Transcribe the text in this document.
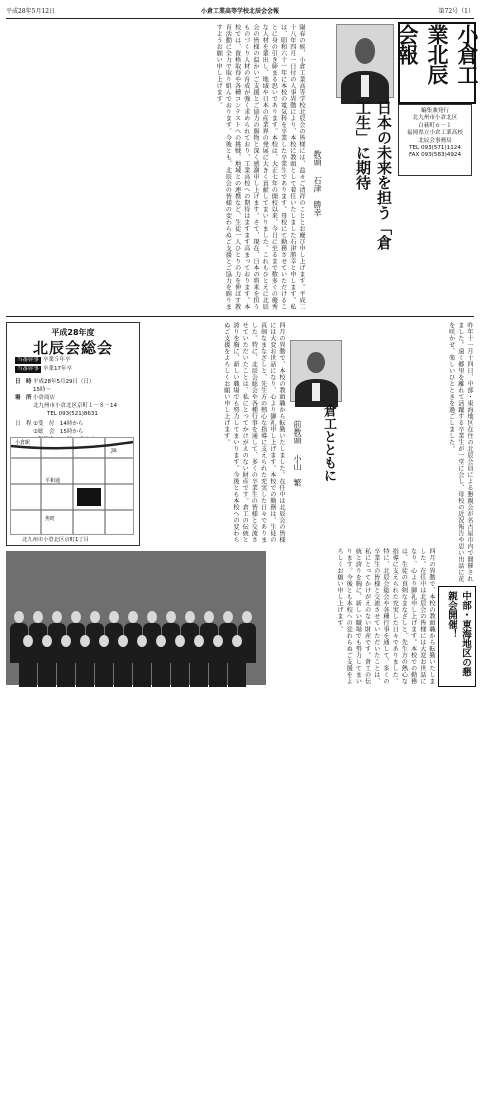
平成28年5月12日	小倉工業高等学校北辰会会報	第72号（1）
小倉工業北辰会報
編集兼発行
北九州市小倉北区
白萩町６－１
福岡県立小倉工業高校
北辰会事務局
TEL 093(571)1124
FAX 093(583)4924
日本の未来を担う「倉工生」に期待
教頭　 石津　勝幸
陽春の候、小倉工業高等学校北辰会の皆様には、益々ご清祥のこととお慶び申し上げます。平成二十八年四月一日付の人事異動により、本校に教頭として着任いたしました石津勝幸と申します。私は、昭和六十一年に本校の電気科を卒業した卒業生であります。母校にて勤務させていただけることに身の引き締まる思いであります。本校は、大正七年の開校以来、今日に至るまで数多くの優秀な人材を輩出し、地域や日本の産業界の発展に大きく貢献してまいりました。これもひとえに北辰会の皆様の温かいご支援とご協力の賜物と深く感謝申し上げます。さて、現在、日本の将来を担うものづくり人材の育成が強く求められており、工業高校への期待はますます高まっております。本校では、資格取得や各種コンテストへの挑戦、地域との連携など、生徒一人ひとりの力を伸ばす教育活動に全力で取り組んでおります。今後とも、北辰会の皆様の変わらぬご支援とご協力を賜りますようお願い申し上げます。
平成28年度
北辰会総会
当番幹事 卒業５年卒
当番幹事 卒業17年卒
日　時平成28年5月29日（日）
15時～
場　所小倉商店
北九州市小倉北区京町１－８－14
TEL 093(521)8631
日　程 ①受　付　14時から
②総　会　15時から
小倉駅
JR
平和通
魚町
北九州市小倉北区京町1丁目
平成27年度北辰会総会参加者の記念撮影
倉工とともに
前教頭　 小山　繁
四月の異動で、本校の教頭職から転勤いたしました。在任中は北辰会の皆様には大変お世話になり、心より御礼申し上げます。本校での勤務は、生徒の真剣なまなざしと、先生方の熱心な指導に支えられた充実した日々でありました。特に、北辰会総会や各種行事を通して、多くの卒業生の皆様と交流させていただいたことは、私にとってかけがえのない財産です。倉工の伝統と誇りを胸に、新しい職場でも努力してまいります。今後とも本校への変わらぬご支援をよろしくお願い申し上げます。
四月の異動で、本校の教頭職から転勤いたしました。在任中は北辰会の皆様には大変お世話になり、心より御礼申し上げます。本校での勤務は、生徒の真剣なまなざしと、先生方の熱心な指導に支えられた充実した日々でありました。特に、北辰会総会や各種行事を通して、多くの卒業生の皆様と交流させていただいたことは、私にとってかけがえのない財産です。倉工の伝統と誇りを胸に、新しい職場でも努力してまいります。今後とも本校への変わらぬご支援をよろしくお願い申し上げます。
昨年十一月十四日、中部・東海地区在住の北辰会員による懇親会が名古屋市内で開催されました。遠く郷里を離れて活躍する卒業生が一堂に会し、母校の近況報告や思い出話に花を咲かせ、楽しいひとときを過ごしました。
中部・東海地区の懇親会開催！
